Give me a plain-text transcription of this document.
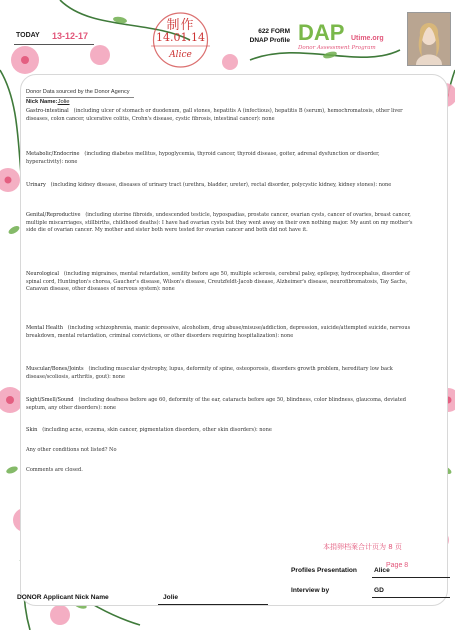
TODAY 13-12-17
制作
14.01.14
Alice
622 FORM
DNAP Profile DAP Utime.org
Donor Assessment Program
Donor Data sourced by the Donor Agency
Nick Name:Jolie
Gastro-intestinal (including ulcer of stomach or duodenum, gall stones, hepatitis A (infectious), hepatitis B (serum), hemochromatosis, other liver diseases, colon cancer, ulcerative colitis, Crohn's disease, cystic fibrosis, intestinal cancer): none
Metabolic/Endocrine (including diabetes mellitus, hypoglycemia, thyroid cancer, thyroid disease, goiter, adrenal dysfunction or disorder, hyperactivity): none
Urinary (including kidney disease, diseases of urinary tract (urethra, bladder, ureter), rectal disorder, polycystic kidney, kidney stones): none
Genital/Reproductive (including uterine fibroids, undescended testicle, hypospadias, prostate cancer, ovarian cysts, cancer of ovaries, breast cancer, multiple miscarriages, stillbirths, childhood deaths): I have had ovarian cysts but they went away on their own nothing major. My aunt on my mother's side die of ovarian cancer. My mother and sister both were tested for ovarian cancer and both did not have it.
Neurological (including migraines, mental retardation, senility before age 50, multiple sclerosis, cerebral palsy, epilepsy, hydrocephalus, disorder of spinal cord, Huntington's chorea, Gaucher's disease, Wilson's disease, Creutzfeldt-Jacob disease, Alzheimer's disease, neurofibromatosis, Tay Sachs, Canavan disease, other diseases of nervous system): none
Mental Health (including schizophrenia, manic depressive, alcoholism, drug abuse/misuse/addiction, depression, suicide/attempted suicide, nervous breakdown, mental retardation, criminal convictions, or other disorders requiring hospitalization): none
Muscular/Bones/Joints (including muscular dystrophy, lupus, deformity of spine, osteoporosis, disorders growth problem, hereditary low back disease/scoliosis, arthritis, gout): none
Sight/Smell/Sound (including deafness before age 60, deformity of the ear, cataracts before age 50, blindness, color blindness, glaucoma, deviated septum, any other disorders): none
Skin (including acne, eczema, skin cancer, pigmentation disorders, other skin disorders): none
Any other conditions not listed? No
Comments are closed.
本捐卵档案合计页为 8 页
Profiles Presentation	Alice
Page 8
Interview by	GD
DONOR Applicant Nick Name	Jolie
